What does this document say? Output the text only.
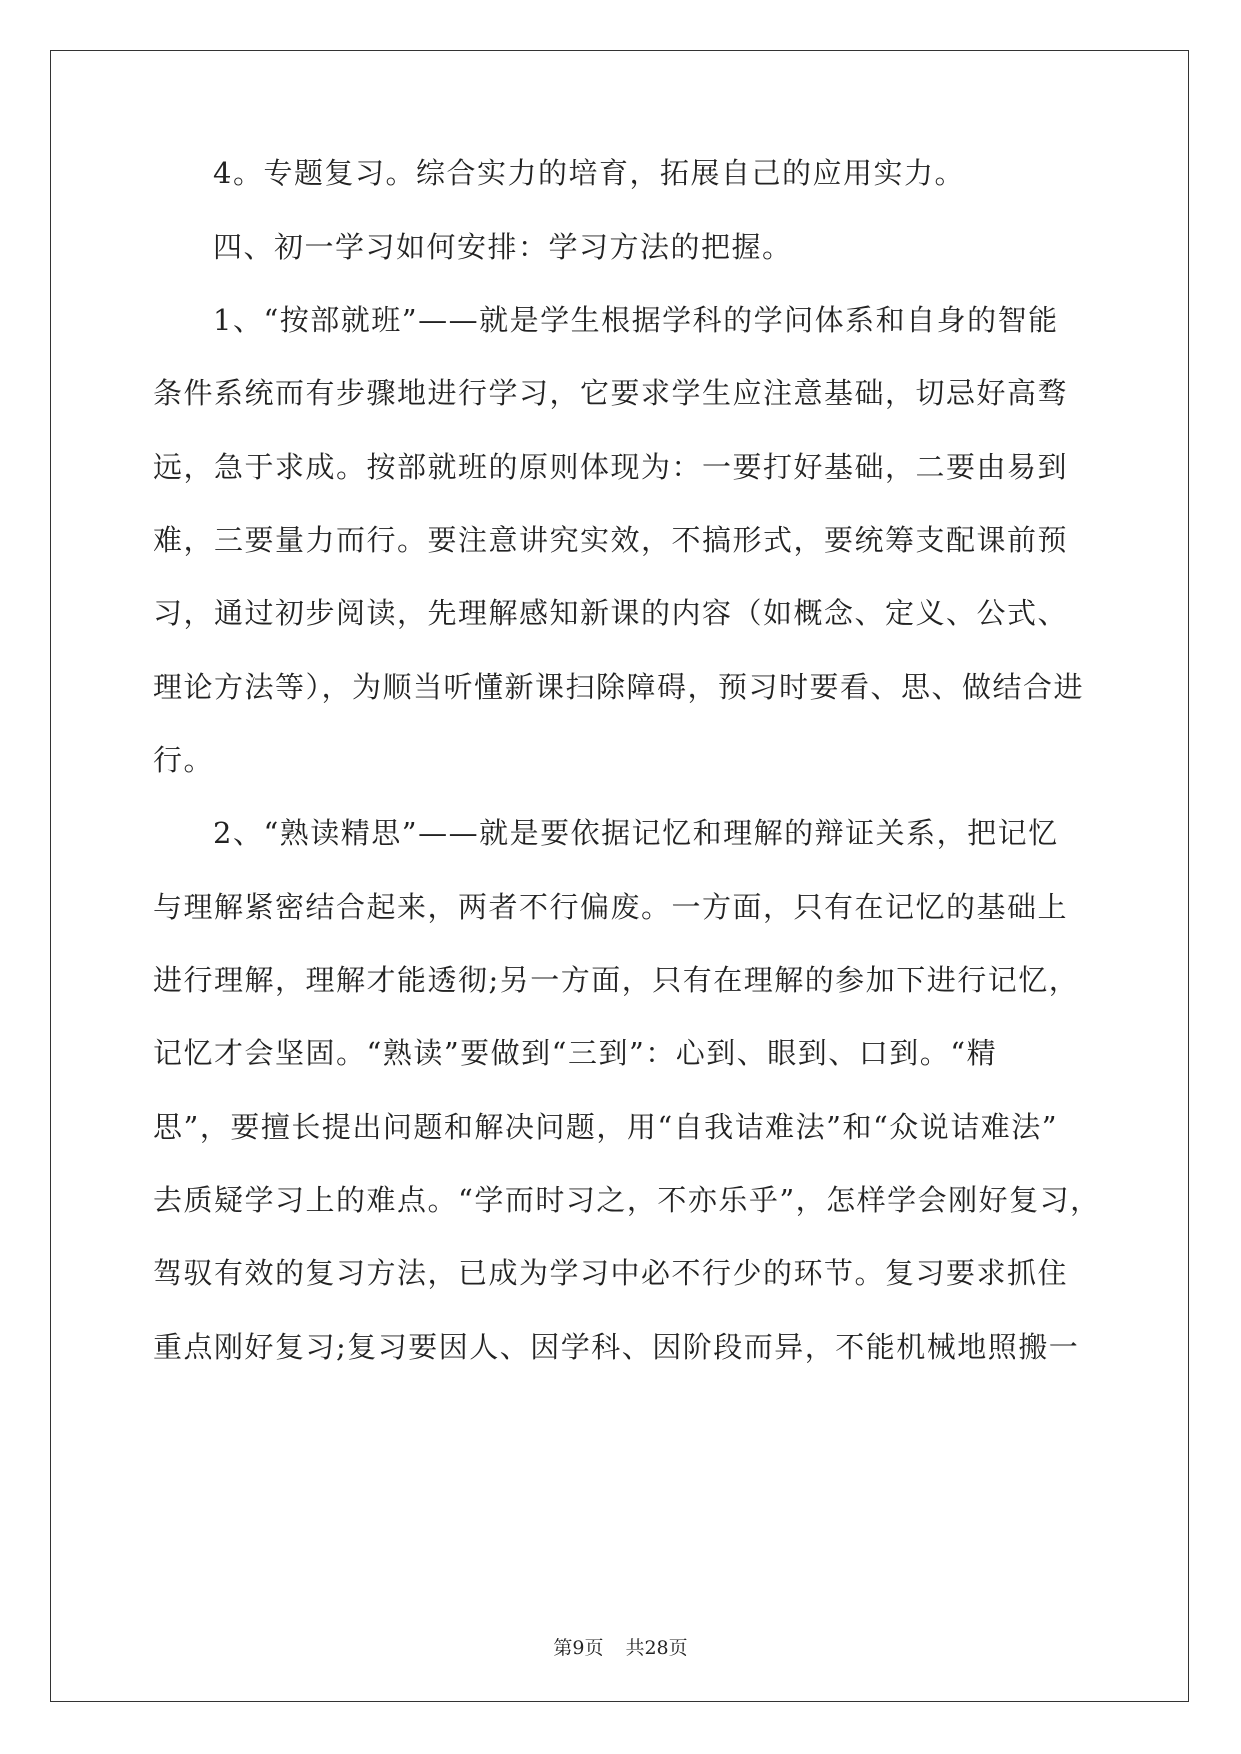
4。专题复习。综合实力的培育，拓展自己的应用实力。
四、初一学习如何安排：学习方法的把握。
1、“按部就班”——就是学生根据学科的学问体系和自身的智能
条件系统而有步骤地进行学习，它要求学生应注意基础，切忌好高骛
远，急于求成。按部就班的原则体现为：一要打好基础，二要由易到
难，三要量力而行。要注意讲究实效，不搞形式，要统筹支配课前预
习，通过初步阅读，先理解感知新课的内容（如概念、定义、公式、
理论方法等），为顺当听懂新课扫除障碍，预习时要看、思、做结合进
行。
2、“熟读精思”——就是要依据记忆和理解的辩证关系，把记忆
与理解紧密结合起来，两者不行偏废。一方面，只有在记忆的基础上
进行理解，理解才能透彻;另一方面，只有在理解的参加下进行记忆，
记忆才会坚固。“熟读”要做到“三到”：心到、眼到、口到。“精
思”，要擅长提出问题和解决问题，用“自我诘难法”和“众说诘难法”
去质疑学习上的难点。“学而时习之，不亦乐乎”，怎样学会刚好复习，
驾驭有效的复习方法，已成为学习中必不行少的环节。复习要求抓住
重点刚好复习;复习要因人、因学科、因阶段而异，不能机械地照搬一
第9页 共28页
